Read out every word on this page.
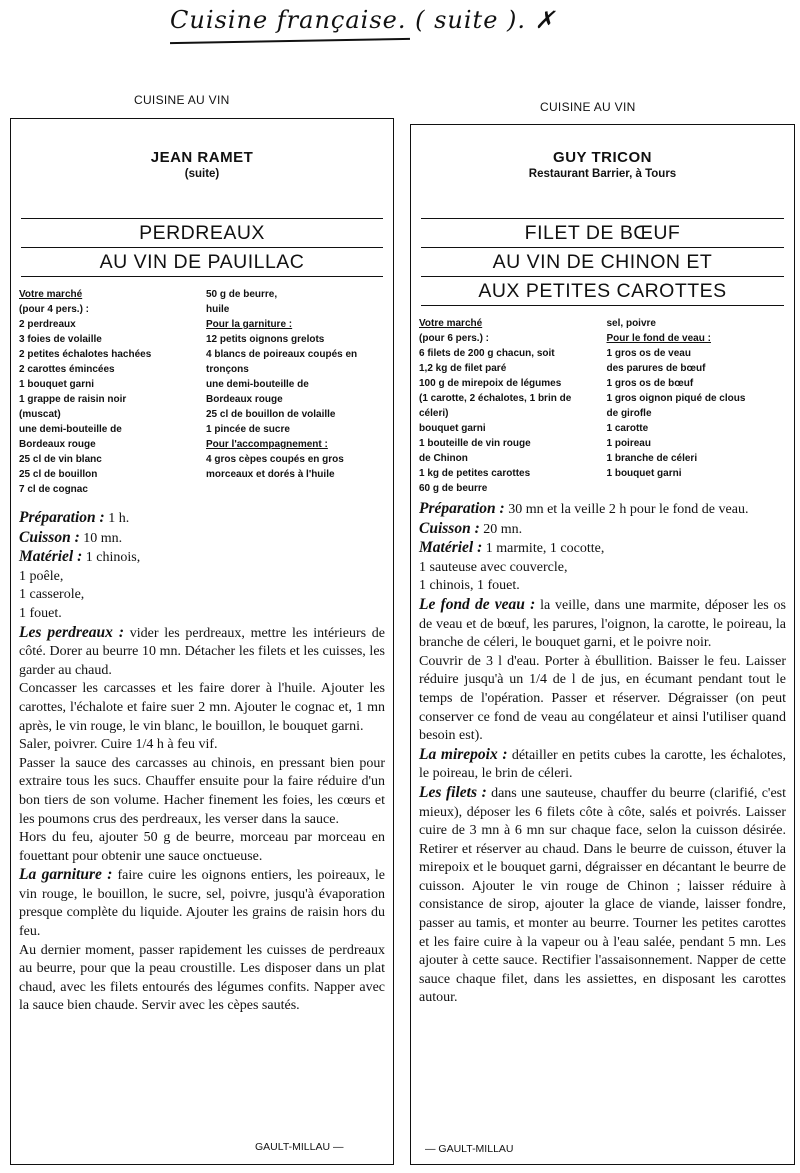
Cuisine française. ( suite ). ✗
CUISINE AU VIN	CUISINE AU VIN
JEAN RAMET
(suite)
PERDREAUX
AU VIN DE PAUILLAC
Votre marché
(pour 4 pers.) :
2 perdreaux
3 foies de volaille
2 petites échalotes hachées
2 carottes émincées
1 bouquet garni
1 grappe de raisin noir
(muscat)
une demi-bouteille de
Bordeaux rouge
25 cl de vin blanc
25 cl de bouillon
7 cl de cognac
50 g de beurre,
huile
Pour la garniture :
12 petits oignons grelots
4 blancs de poireaux coupés en
tronçons
une demi-bouteille de
Bordeaux rouge
25 cl de bouillon de volaille
1 pincée de sucre
Pour l'accompagnement :
4 gros cèpes coupés en gros
morceaux et dorés à l'huile

Préparation : 1 h.

Cuisson : 10 mn.

Matériel : 1 chinois,

1 poêle,

1 casserole,

1 fouet.

Les perdreaux : vider les perdreaux, mettre les intérieurs de côté. Dorer au beurre 10 mn. Détacher les filets et les cuisses, les garder au chaud.

Concasser les carcasses et les faire dorer à l'huile. Ajouter les carottes, l'échalote et faire suer 2 mn. Ajouter le cognac et, 1 mn après, le vin rouge, le vin blanc, le bouillon, le bouquet garni.

Saler, poivrer. Cuire 1/4 h à feu vif.

Passer la sauce des carcasses au chinois, en pressant bien pour extraire tous les sucs. Chauffer ensuite pour la faire réduire d'un bon tiers de son volume. Hacher finement les foies, les cœurs et les poumons crus des perdreaux, les verser dans la sauce.

Hors du feu, ajouter 50 g de beurre, morceau par morceau en fouettant pour obtenir une sauce onctueuse.

La garniture : faire cuire les oignons entiers, les poireaux, le vin rouge, le bouillon, le sucre, sel, poivre, jusqu'à évaporation presque complète du liquide. Ajouter les grains de raisin hors du feu.

Au dernier moment, passer rapidement les cuisses de perdreaux au beurre, pour que la peau croustille. Les disposer dans un plat chaud, avec les filets entourés des légumes confits. Napper avec la sauce bien chaude. Servir avec les cèpes sautés.

GUY TRICON
Restaurant Barrier, à Tours
FILET DE BŒUF
AU VIN DE CHINON ET
AUX PETITES CAROTTES
Votre marché
(pour 6 pers.) :
6 filets de 200 g chacun, soit
1,2 kg de filet paré
100 g de mirepoix de légumes
(1 carotte, 2 échalotes, 1 brin de
céleri)
bouquet garni
1 bouteille de vin rouge
de Chinon
1 kg de petites carottes
60 g de beurre
sel, poivre
Pour le fond de veau :
1 gros os de veau
des parures de bœuf
1 gros os de bœuf
1 gros oignon piqué de clous
de girofle
1 carotte
1 poireau
1 branche de céleri
1 bouquet garni

Préparation : 30 mn et la veille 2 h pour le fond de veau.

Cuisson : 20 mn.

Matériel : 1 marmite, 1 cocotte,

1 sauteuse avec couvercle,

1 chinois, 1 fouet.

Le fond de veau : la veille, dans une marmite, déposer les os de veau et de bœuf, les parures, l'oignon, la carotte, le poireau, la branche de céleri, le bouquet garni, et le poivre noir.

Couvrir de 3 l d'eau. Porter à ébullition. Baisser le feu. Laisser réduire jusqu'à un 1/4 de l de jus, en écumant pendant tout le temps de l'opération. Passer et réserver. Dégraisser (on peut conserver ce fond de veau au congélateur et ainsi l'utiliser quand besoin est).

La mirepoix : détailler en petits cubes la carotte, les échalotes, le poireau, le brin de céleri.

Les filets : dans une sauteuse, chauffer du beurre (clarifié, c'est mieux), déposer les 6 filets côte à côte, salés et poivrés. Laisser cuire de 3 mn à 6 mn sur chaque face, selon la cuisson désirée. Retirer et réserver au chaud. Dans le beurre de cuisson, étuver la mirepoix et le bouquet garni, dégraisser en décantant le beurre de cuisson. Ajouter le vin rouge de Chinon ; laisser réduire à consistance de sirop, ajouter la glace de viande, laisser fondre, passer au tamis, et monter au beurre. Tourner les petites carottes et les faire cuire à la vapeur ou à l'eau salée, pendant 5 mn. Les ajouter à cette sauce. Rectifier l'assaisonnement. Napper de cette sauce chaque filet, dans les assiettes, en disposant les carottes autour.

GAULT-MILLAU —	— GAULT-MILLAU
